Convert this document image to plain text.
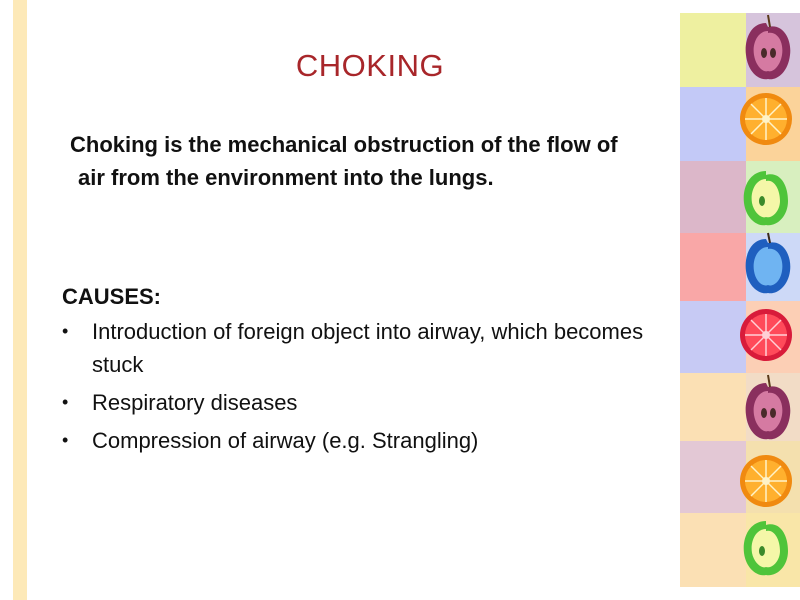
CHOKING
Choking is the mechanical obstruction of the flow of
air from the environment into the lungs.
CAUSES:
• Introduction of foreign object into airway, which becomes
stuck
• Respiratory diseases
• Compression of airway (e.g. Strangling)
